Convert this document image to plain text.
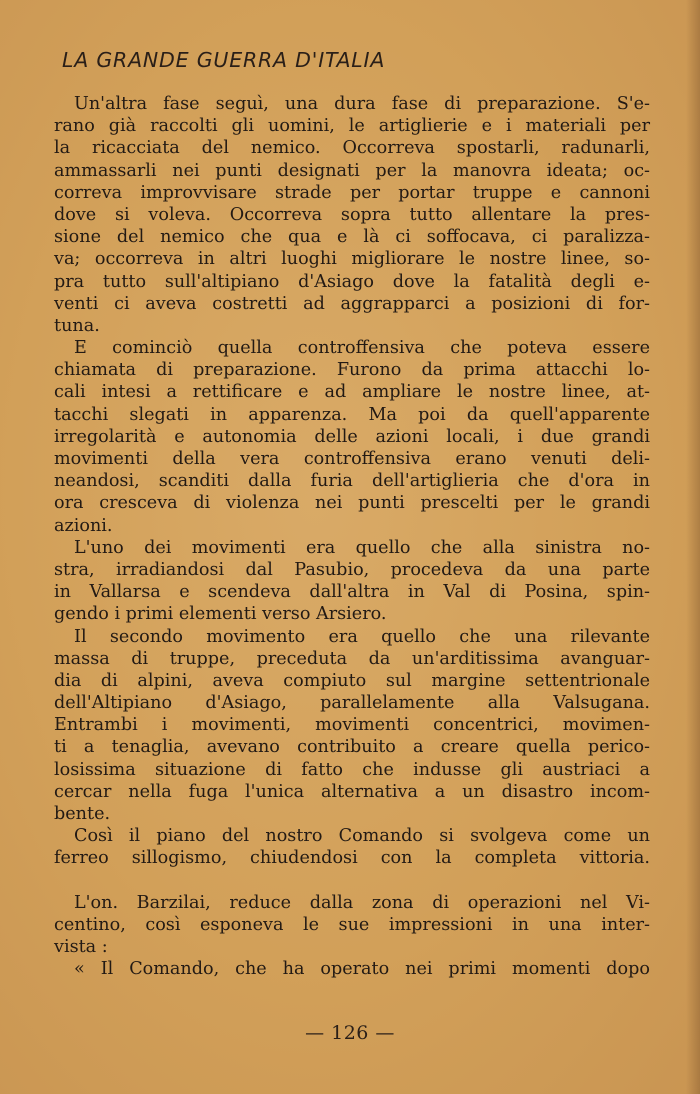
LA GRANDE GUERRA D'ITALIA
Un'altra fase seguì, una dura fase di preparazione. S'e-
rano già raccolti gli uomini, le artiglierie e i materiali per
la ricacciata del nemico. Occorreva spostarli, radunarli,
ammassarli nei punti designati per la manovra ideata; oc-
correva improvvisare strade per portar truppe e cannoni
dove si voleva. Occorreva sopra tutto allentare la pres-
sione del nemico che qua e là ci soffocava, ci paralizza-
va; occorreva in altri luoghi migliorare le nostre linee, so-
pra tutto sull'altipiano d'Asiago dove la fatalità degli e-
venti ci aveva costretti ad aggrapparci a posizioni di for-
tuna.
E cominciò quella controffensiva che poteva essere
chiamata di preparazione. Furono da prima attacchi lo-
cali intesi a rettificare e ad ampliare le nostre linee, at-
tacchi slegati in apparenza. Ma poi da quell'apparente
irregolarità e autonomia delle azioni locali, i due grandi
movimenti della vera controffensiva erano venuti deli-
neandosi, scanditi dalla furia dell'artiglieria che d'ora in
ora cresceva di violenza nei punti prescelti per le grandi
azioni.
L'uno dei movimenti era quello che alla sinistra no-
stra, irradiandosi dal Pasubio, procedeva da una parte
in Vallarsa e scendeva dall'altra in Val di Posina, spin-
gendo i primi elementi verso Arsiero.
Il secondo movimento era quello che una rilevante
massa di truppe, preceduta da un'arditissima avanguar-
dia di alpini, aveva compiuto sul margine settentrionale
dell'Altipiano d'Asiago, parallelamente alla Valsugana.
Entrambi i movimenti, movimenti concentrici, movimen-
ti a tenaglia, avevano contribuito a creare quella perico-
losissima situazione di fatto che indusse gli austriaci a
cercar nella fuga l'unica alternativa a un disastro incom-
bente.
Così il piano del nostro Comando si svolgeva come un
ferreo sillogismo, chiudendosi con la completa vittoria.
L'on. Barzilai, reduce dalla zona di operazioni nel Vi-
centino, così esponeva le sue impressioni in una inter-
vista :
« Il Comando, che ha operato nei primi momenti dopo
— 126 —
